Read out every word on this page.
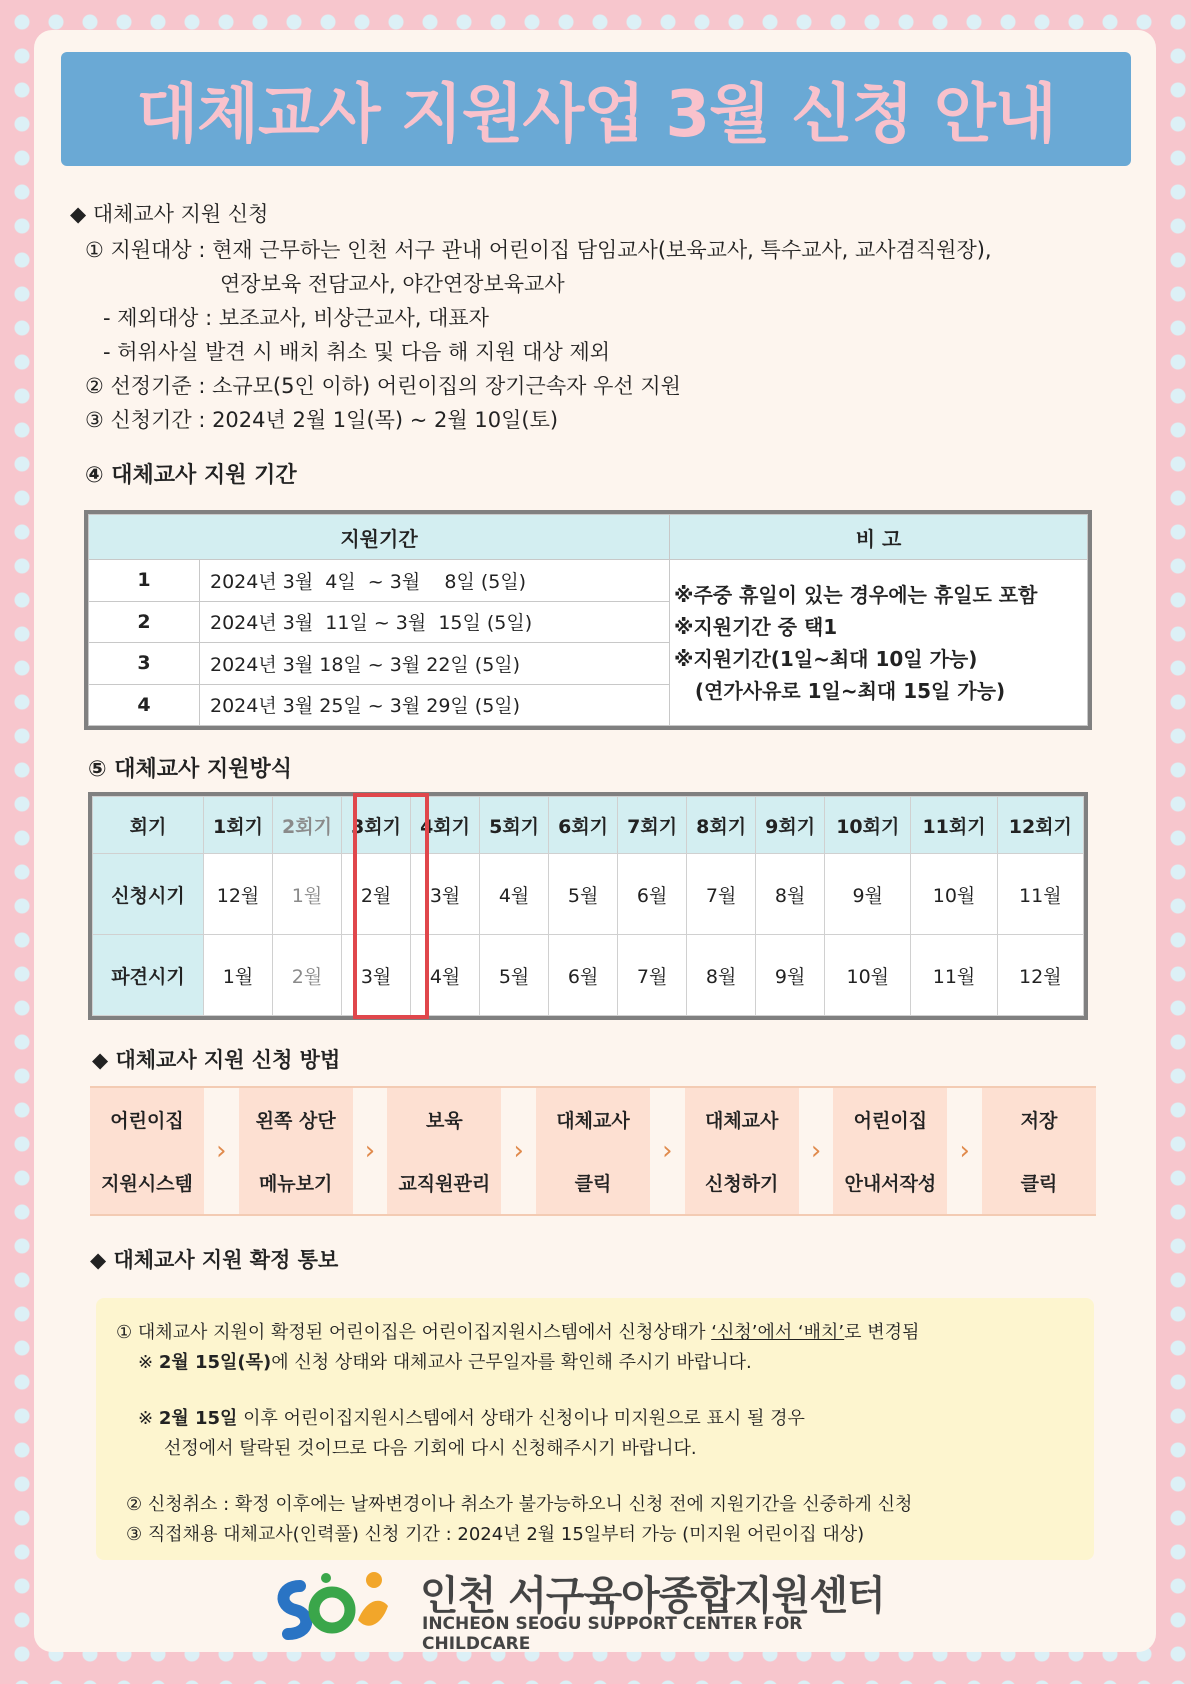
대체교사 지원사업 3월 신청 안내
◆ 대체교사 지원 신청
① 지원대상 : 현재 근무하는 인천 서구 관내 어린이집 담임교사(보육교사, 특수교사, 교사겸직원장),
연장보육 전담교사, 야간연장보육교사
- 제외대상 : 보조교사, 비상근교사, 대표자
- 허위사실 발견 시 배치 취소 및 다음 해 지원 대상 제외
② 선정기준 : 소규모(5인 이하) 어린이집의 장기근속자 우선 지원
③ 신청기간 : 2024년 2월 1일(목) ~ 2월 10일(토)
④ 대체교사 지원 기간
지원기간		비 고
1	2024년 3월  4일  ~ 3월    8일 (5일)	※주중 휴일이 있는 경우에는 휴일도 포함
※지원기간 중 택1
※지원기간(1일~최대 10일 가능)
(연가사유로 1일~최대 15일 가능)

2	2024년 3월  11일 ~ 3월  15일 (5일)	
3	2024년 3월 18일 ~ 3월 22일 (5일)	
4	2024년 3월 25일 ~ 3월 29일 (5일)	
⑤ 대체교사 지원방식
회기	1회기	2회기	3회기	4회기	5회기	6회기	7회기	8회기	9회기	10회기	11회기	12회기
신청시기	12월	1월	2월	3월	4월	5월	6월	7월	8월	9월	10월	11월
파견시기	1월	2월	3월	4월	5월	6월	7월	8월	9월	10월	11월	12월
◆ 대체교사 지원 신청 방법
어린이집
지원시스템
›
왼쪽 상단
메뉴보기
›
보육
교직원관리
›
대체교사
클릭
›
대체교사
신청하기
›
어린이집
안내서작성
›
저장
클릭
◆ 대체교사 지원 확정 통보
① 대체교사 지원이 확정된 어린이집은 어린이집지원시스템에서 신청상태가 ‘신청’에서 ‘배치’로 변경됨
※ 2월 15일(목)에 신청 상태와 대체교사 근무일자를 확인해 주시기 바랍니다.
※ 2월 15일 이후 어린이집지원시스템에서 상태가 신청이나 미지원으로 표시 될 경우
선정에서 탈락된 것이므로 다음 기회에 다시 신청해주시기 바랍니다.
② 신청취소 : 확정 이후에는 날짜변경이나 취소가 불가능하오니 신청 전에 지원기간을 신중하게 신청
③ 직접채용 대체교사(인력풀) 신청 기간 : 2024년 2월 15일부터 가능 (미지원 어린이집 대상)
인천 서구육아종합지원센터
INCHEON SEOGU SUPPORT CENTER FOR CHILDCARE
